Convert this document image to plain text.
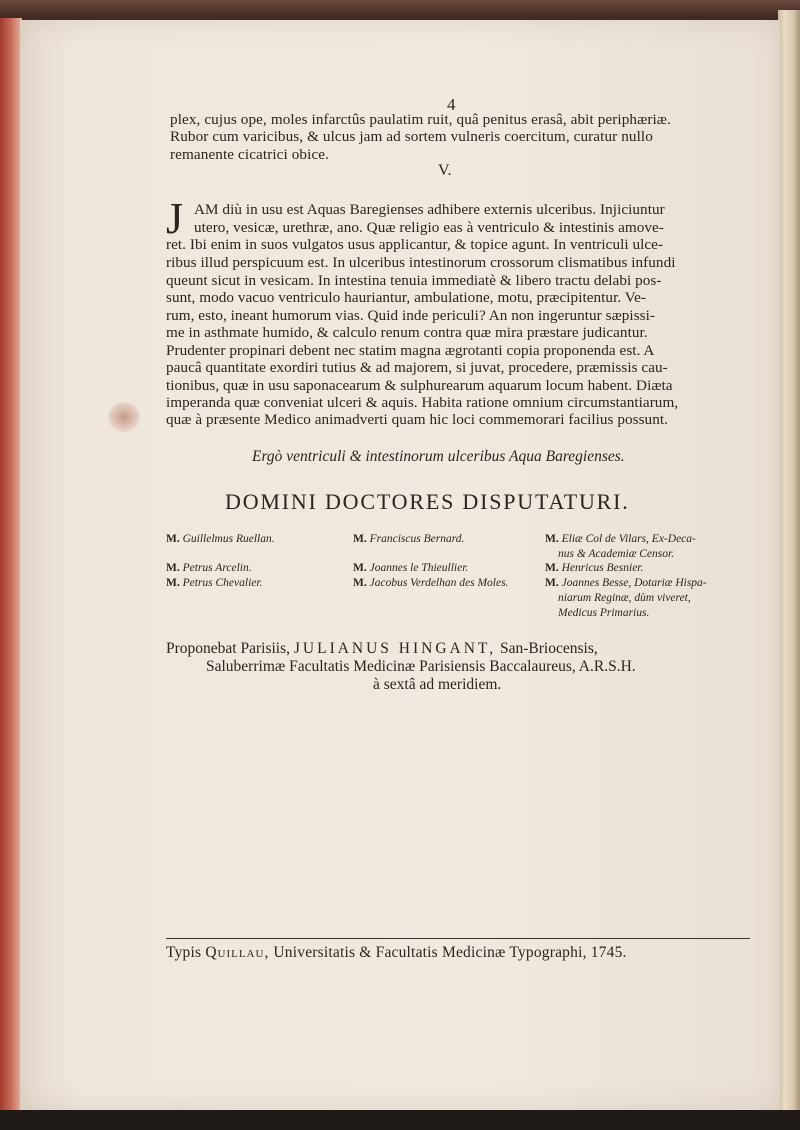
4
plex, cujus ope, moles infarctûs paulatim ruit, quâ penitus erasâ, abit periphæriæ.
Rubor cum varicibus, & ulcus jam ad sortem vulneris coercitum, curatur nullo
remanente cicatrici obice.
V.
J AM diù in usu est Aquas Baregienses adhibere externis ulceribus. Injiciuntur
utero, vesicæ, urethræ, ano. Quæ religio eas à ventriculo & intestinis amove-
ret. Ibi enim in suos vulgatos usus applicantur, & topice agunt. In ventriculi ulce-
ribus illud perspicuum est. In ulceribus intestinorum crossorum clismatibus infundi
queunt sicut in vesicam. In intestina tenuia immediatè & libero tractu delabi pos-
sunt, modo vacuo ventriculo hauriantur, ambulatione, motu, præcipitentur. Ve-
rum, esto, ineant humorum vias. Quid inde periculi? An non ingeruntur sæpissi-
me in asthmate humido, & calculo renum contra quæ mira præstare judicantur.
Prudenter propinari debent nec statim magna ægrotanti copia proponenda est. A
paucâ quantitate exordiri tutius & ad majorem, si juvat, procedere, præmissis cau-
tionibus, quæ in usu saponacearum & sulphurearum aquarum locum habent. Diæta
imperanda quæ conveniat ulceri & aquis. Habita ratione omnium circumstantiarum,
quæ à præsente Medico animadverti quam hic loci commemorari facilius possunt.
Ergò ventriculi & intestinorum ulceribus Aqua Baregienses.
DOMINI DOCTORES DISPUTATURI.
M. Guillelmus Ruellan.
M. Petrus Arcelin.
M. Petrus Chevalier.
M. Franciscus Bernard.
M. Joannes le Thieullier.
M. Jacobus Verdelhan des Moles.
M. Eliæ Col de Vilars, Ex-Deca-
nus & Academiæ Censor.
M. Henricus Besnier.
M. Joannes Besse, Dotariæ Hispa-
niarum Reginæ, dùm viveret,
Medicus Primarius.
Proponebat Parisiis, JULIANUS HINGANT, San-Briocensis,
Saluberrimæ Facultatis Medicinæ Parisiensis Baccalaureus, A.R.S.H.
à sextâ ad meridiem.
Typis Quillau, Universitatis & Facultatis Medicinæ Typographi, 1745.
